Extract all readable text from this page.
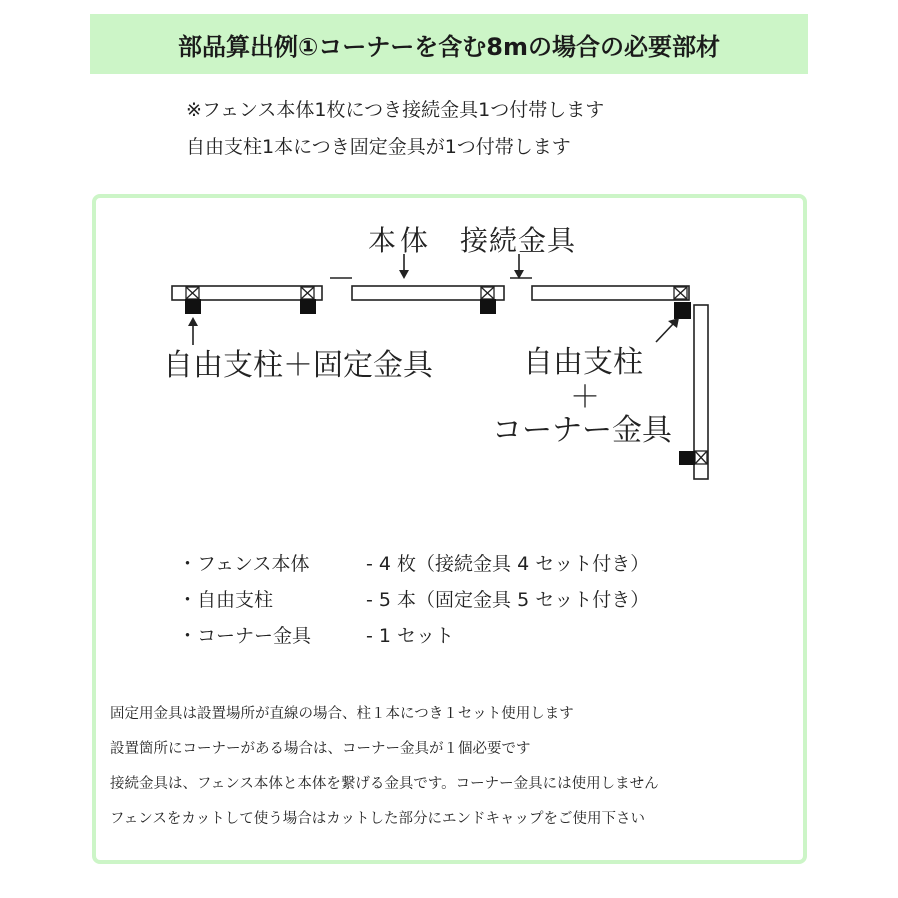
部品算出例①コーナーを含む8mの場合の必要部材
※フェンス本体1枚につき接続金具1つ付帯します
自由支柱1本につき固定金具が1つ付帯します
本体 接続金具
自由支柱＋固定金具	自由支柱
＋
コーナー金具
・フェンス本体	- 4 枚（接続金具 4 セット付き）
・自由支柱	- 5 本（固定金具 5 セット付き）
・コーナー金具	- 1 セット
固定用金具は設置場所が直線の場合、柱１本につき１セット使用します
設置箇所にコーナーがある場合は、コーナー金具が１個必要です
接続金具は、フェンス本体と本体を繋げる金具です。コーナー金具には使用しません
フェンスをカットして使う場合はカットした部分にエンドキャップをご使用下さい
